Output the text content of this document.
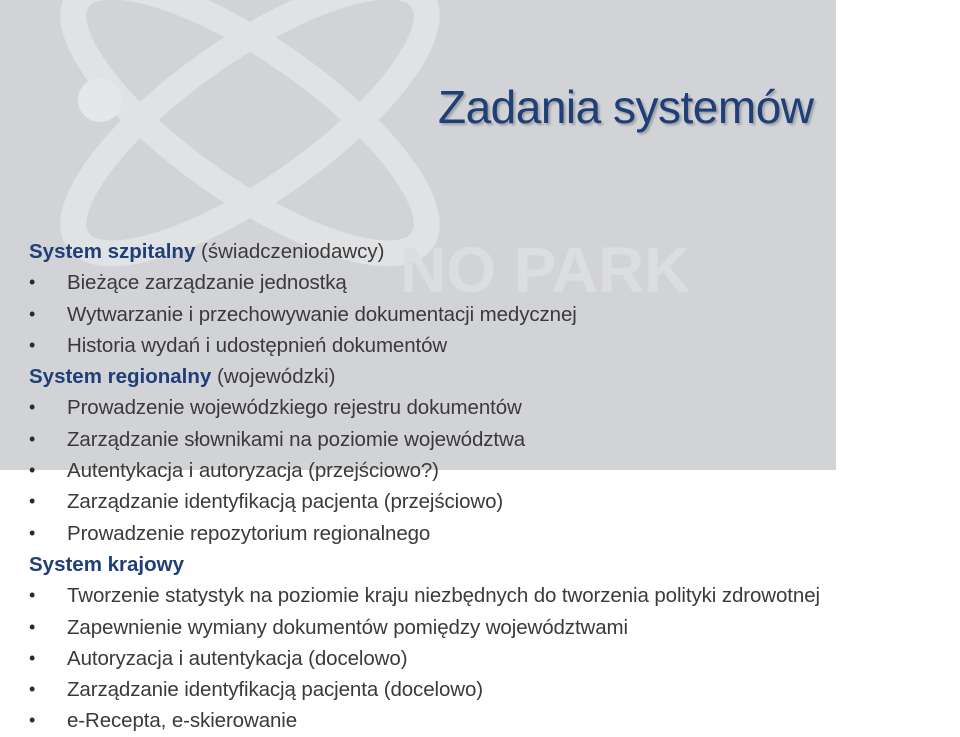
NO PARK
Zadania systemów
System szpitalny (świadczeniodawcy)
• Bieżące zarządzanie jednostką
• Wytwarzanie i przechowywanie dokumentacji medycznej
• Historia wydań i udostępnień dokumentów
System regionalny (wojewódzki)
• Prowadzenie wojewódzkiego rejestru dokumentów
• Zarządzanie słownikami na poziomie województwa
• Autentykacja i autoryzacja (przejściowo?)
• Zarządzanie identyfikacją pacjenta (przejściowo)
• Prowadzenie repozytorium regionalnego
System krajowy
• Tworzenie statystyk na poziomie kraju niezbędnych do tworzenia polityki zdrowotnej
• Zapewnienie wymiany dokumentów pomiędzy województwami
• Autoryzacja i autentykacja (docelowo)
• Zarządzanie identyfikacją pacjenta (docelowo)
• e-Recepta, e-skierowanie
